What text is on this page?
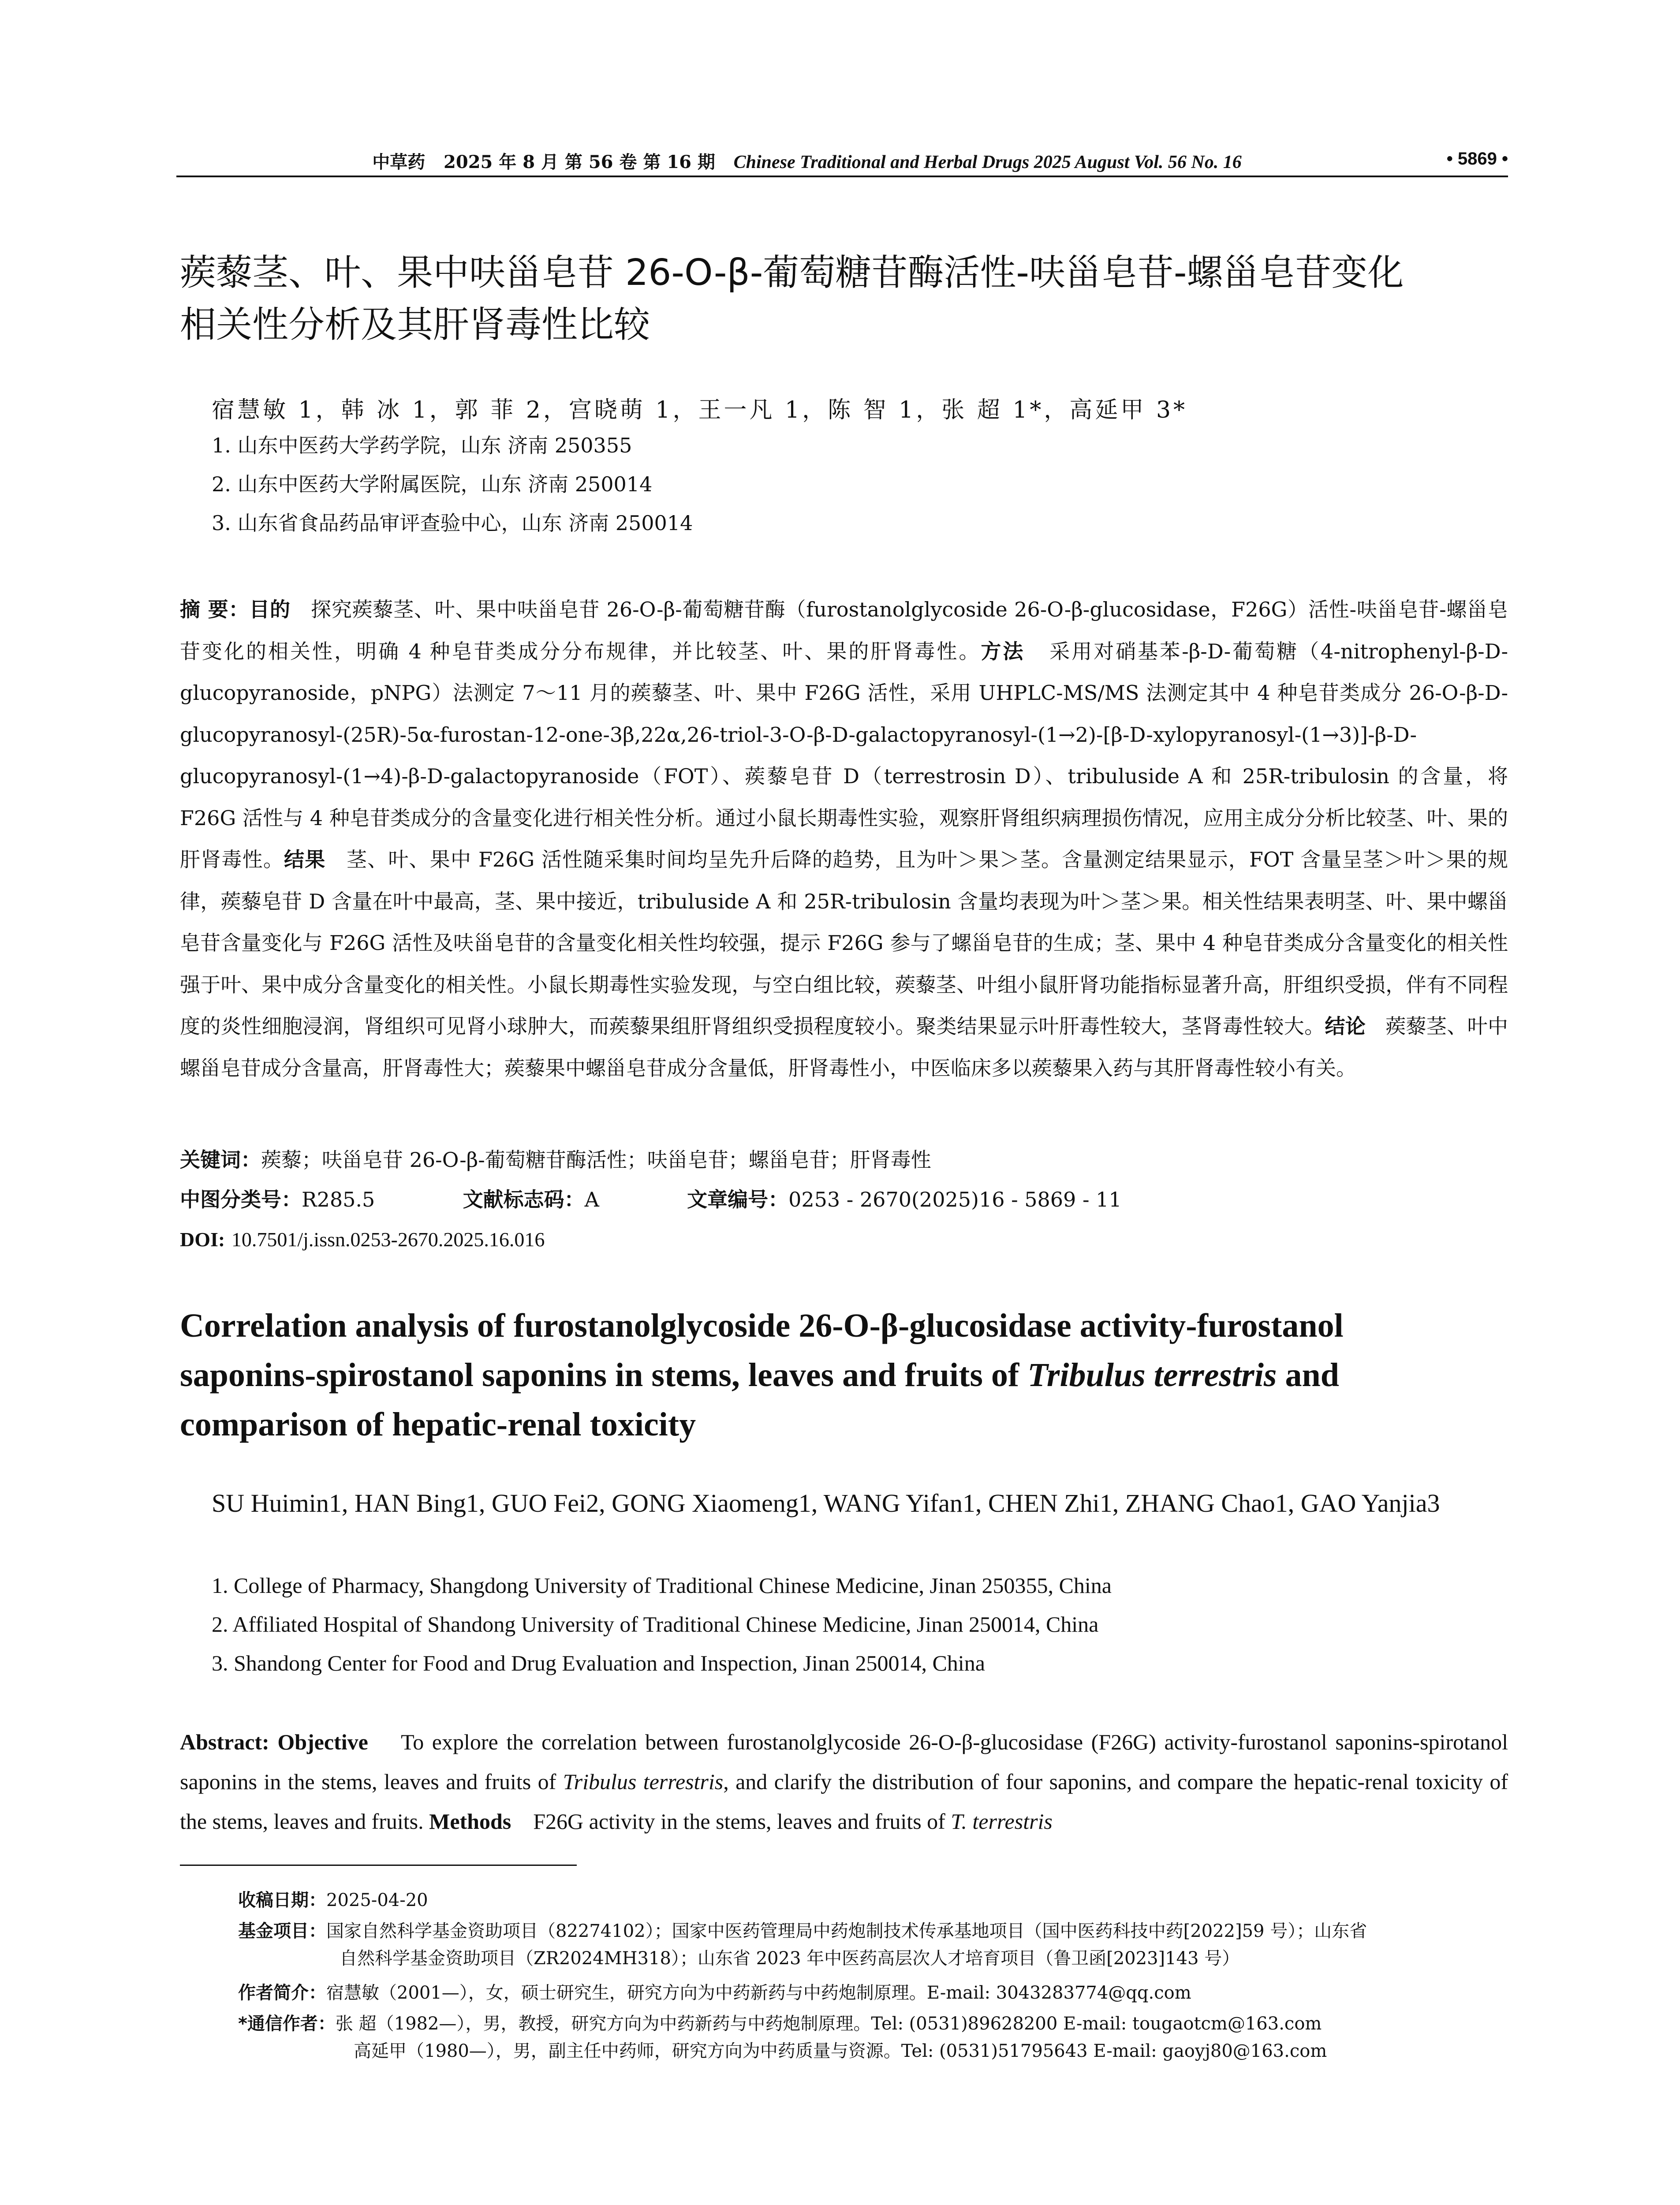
中草药 2025 年 8 月 第 56 卷 第 16 期 Chinese Traditional and Herbal Drugs 2025 August Vol. 56 No. 16	• 5869 •
蒺藜茎、叶、果中呋甾皂苷 26-O-β-葡萄糖苷酶活性-呋甾皂苷-螺甾皂苷变化
相关性分析及其肝肾毒性比较
宿慧敏 1，韩 冰 1，郭 菲 2，宫晓萌 1，王一凡 1，陈 智 1，张 超 1*，高延甲 3*
1. 山东中医药大学药学院，山东 济南 250355
2. 山东中医药大学附属医院，山东 济南 250014
3. 山东省食品药品审评查验中心，山东 济南 250014
摘 要：目的 探究蒺藜茎、叶、果中呋甾皂苷 26-O-β-葡萄糖苷酶（furostanolglycoside 26-O-β-glucosidase，F26G）活性-呋甾皂苷-螺甾皂苷变化的相关性，明确 4 种皂苷类成分分布规律，并比较茎、叶、果的肝肾毒性。方法 采用对硝基苯-β-D-葡萄糖（4-nitrophenyl-β-D-glucopyranoside，pNPG）法测定 7～11 月的蒺藜茎、叶、果中 F26G 活性，采用 UHPLC-MS/MS 法测定其中 4 种皂苷类成分 26-O-β-D-glucopyranosyl-(25R)-5α-furostan-12-one-3β,22α,26-triol-3-O-β-D-galactopyranosyl-(1→2)-[β-D-xylopyranosyl-(1→3)]-β-D-glucopyranosyl-(1→4)-β-D-galactopyranoside（FOT）、蒺藜皂苷 D（terrestrosin D）、tribuluside A 和 25R-tribulosin 的含量，将 F26G 活性与 4 种皂苷类成分的含量变化进行相关性分析。通过小鼠长期毒性实验，观察肝肾组织病理损伤情况，应用主成分分析比较茎、叶、果的肝肾毒性。结果 茎、叶、果中 F26G 活性随采集时间均呈先升后降的趋势，且为叶＞果＞茎。含量测定结果显示，FOT 含量呈茎＞叶＞果的规律，蒺藜皂苷 D 含量在叶中最高，茎、果中接近，tribuluside A 和 25R-tribulosin 含量均表现为叶＞茎＞果。相关性结果表明茎、叶、果中螺甾皂苷含量变化与 F26G 活性及呋甾皂苷的含量变化相关性均较强，提示 F26G 参与了螺甾皂苷的生成；茎、果中 4 种皂苷类成分含量变化的相关性强于叶、果中成分含量变化的相关性。小鼠长期毒性实验发现，与空白组比较，蒺藜茎、叶组小鼠肝肾功能指标显著升高，肝组织受损，伴有不同程度的炎性细胞浸润，肾组织可见肾小球肿大，而蒺藜果组肝肾组织受损程度较小。聚类结果显示叶肝毒性较大，茎肾毒性较大。结论 蒺藜茎、叶中螺甾皂苷成分含量高，肝肾毒性大；蒺藜果中螺甾皂苷成分含量低，肝肾毒性小，中医临床多以蒺藜果入药与其肝肾毒性较小有关。
关键词：蒺藜；呋甾皂苷 26-O-β-葡萄糖苷酶活性；呋甾皂苷；螺甾皂苷；肝肾毒性
中图分类号：R285.5	文献标志码：A	文章编号：0253 - 2670(2025)16 - 5869 - 11
DOI: 10.7501/j.issn.0253-2670.2025.16.016
Correlation analysis of furostanolglycoside 26-O-β-glucosidase activity-furostanol
saponins-spirostanol saponins in stems, leaves and fruits of Tribulus terrestris and
comparison of hepatic-renal toxicity
SU Huimin1, HAN Bing1, GUO Fei2, GONG Xiaomeng1, WANG Yifan1, CHEN Zhi1, ZHANG Chao1, GAO Yanjia3
1. College of Pharmacy, Shangdong University of Traditional Chinese Medicine, Jinan 250355, China
2. Affiliated Hospital of Shandong University of Traditional Chinese Medicine, Jinan 250014, China
3. Shandong Center for Food and Drug Evaluation and Inspection, Jinan 250014, China
Abstract: Objective To explore the correlation between furostanolglycoside 26-O-β-glucosidase (F26G) activity-furostanol saponins-spirotanol saponins in the stems, leaves and fruits of Tribulus terrestris, and clarify the distribution of four saponins, and compare the hepatic-renal toxicity of the stems, leaves and fruits. Methods F26G activity in the stems, leaves and fruits of T. terrestris
收稿日期：2025-04-20
基金项目：国家自然科学基金资助项目（82274102）；国家中医药管理局中药炮制技术传承基地项目（国中医药科技中药[2022]59 号）；山东省
自然科学基金资助项目（ZR2024MH318）；山东省 2023 年中医药高层次人才培育项目（鲁卫函[2023]143 号）
作者简介：宿慧敏（2001—），女，硕士研究生，研究方向为中药新药与中药炮制原理。E-mail: 3043283774@qq.com
*通信作者：张 超（1982—），男，教授，研究方向为中药新药与中药炮制原理。Tel: (0531)89628200 E-mail: tougaotcm@163.com
高延甲（1980—），男，副主任中药师，研究方向为中药质量与资源。Tel: (0531)51795643 E-mail: gaoyj80@163.com
